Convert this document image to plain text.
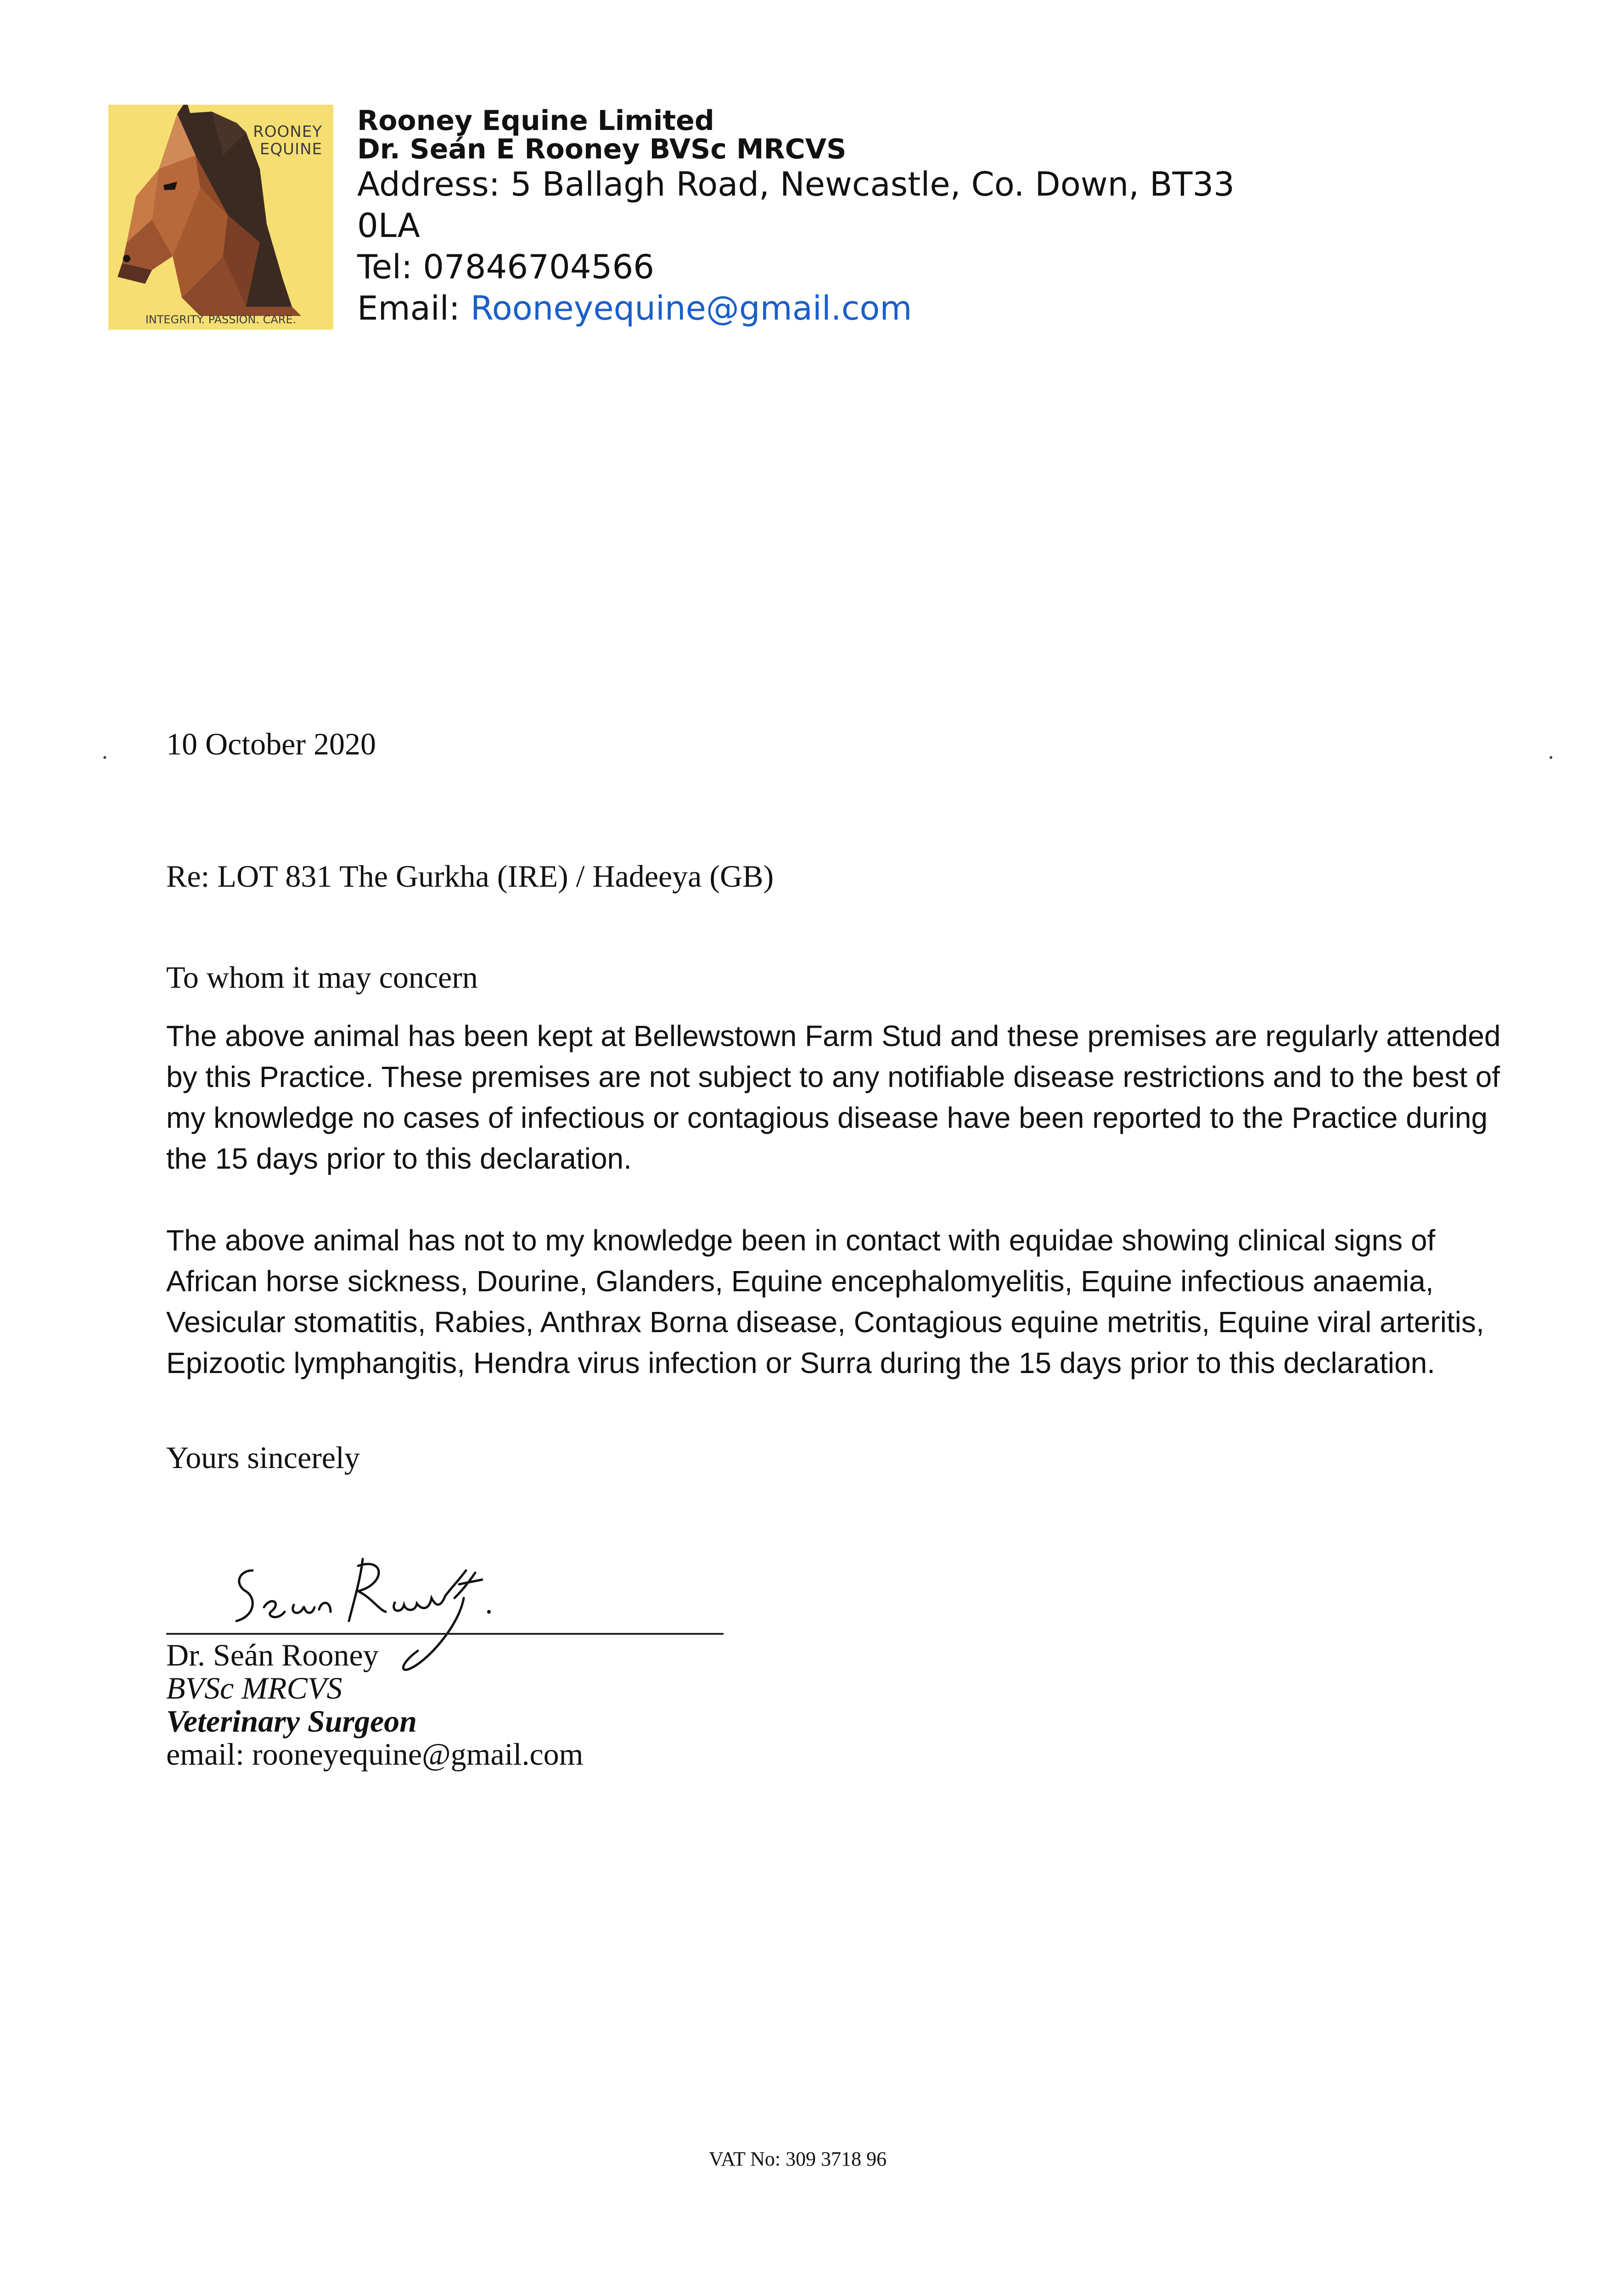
ROONEY
EQUINE
INTEGRITY. PASSION. CARE.
Rooney Equine Limited
Dr. Seán E Rooney BVSc MRCVS
Address: 5 Ballagh Road, Newcastle, Co. Down, BT33
0LA
Tel: 07846704566
Email: Rooneyequine@gmail.com
.	.
10 October 2020
Re: LOT 831 The Gurkha (IRE) / Hadeeya (GB)
To whom it may concern
The above animal has been kept at Bellewstown Farm Stud and these premises are regularly attended by this Practice. These premises are not subject to any notifiable disease restrictions and to the best of my knowledge no cases of infectious or contagious disease have been reported to the Practice during the 15 days prior to this declaration.
The above animal has not to my knowledge been in contact with equidae showing clinical signs of African horse sickness, Dourine, Glanders, Equine encephalomyelitis, Equine infectious anaemia, Vesicular stomatitis, Rabies, Anthrax Borna disease, Contagious equine metritis, Equine viral arteritis, Epizootic lymphangitis, Hendra virus infection or Surra during the 15 days prior to this declaration.
Yours sincerely
Dr. Seán Rooney
BVSc MRCVS
Veterinary Surgeon
email: rooneyequine@gmail.com
VAT No: 309 3718 96
